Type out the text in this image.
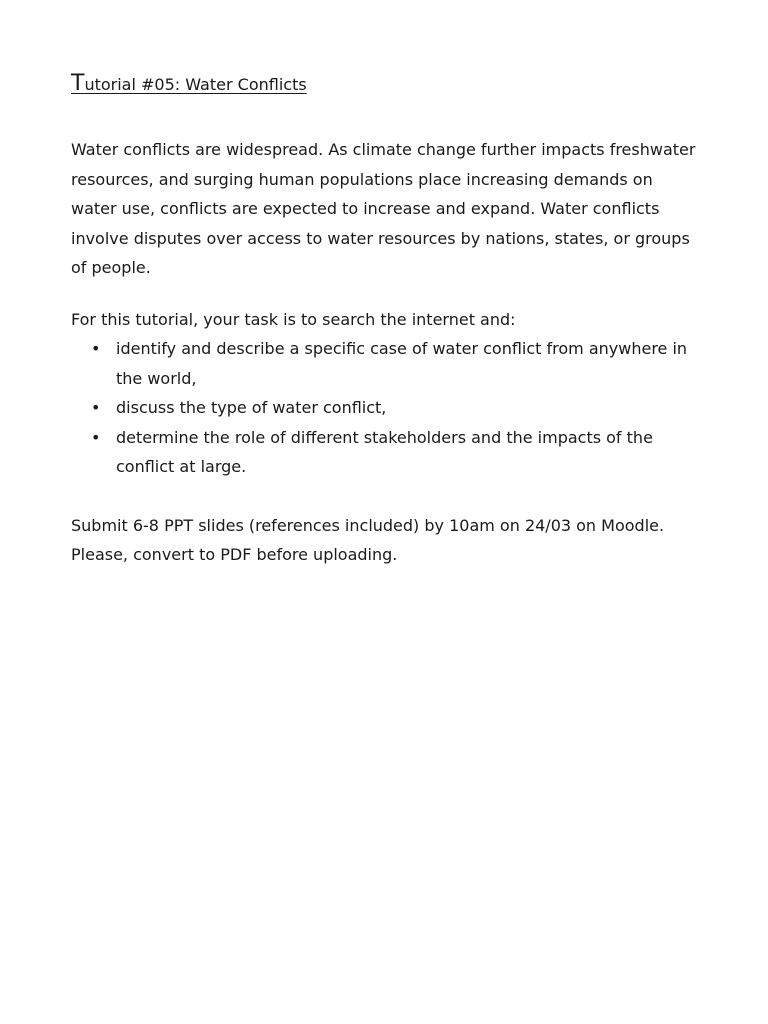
Tutorial #05: Water Conflicts

Water conflicts are widespread. As climate change further impacts freshwater resources, and surging human populations place increasing demands on water use, conflicts are expected to increase and expand. Water conflicts involve disputes over access to water resources by nations, states, or groups of people.

For this tutorial, your task is to search the internet and:

• identify and describe a specific case of water conflict from anywhere in the world,
• discuss the type of water conflict,
• determine the role of different stakeholders and the impacts of the conflict at large.

Submit 6-8 PPT slides (references included) by 10am on 24/03 on Moodle.
Please, convert to PDF before uploading.
